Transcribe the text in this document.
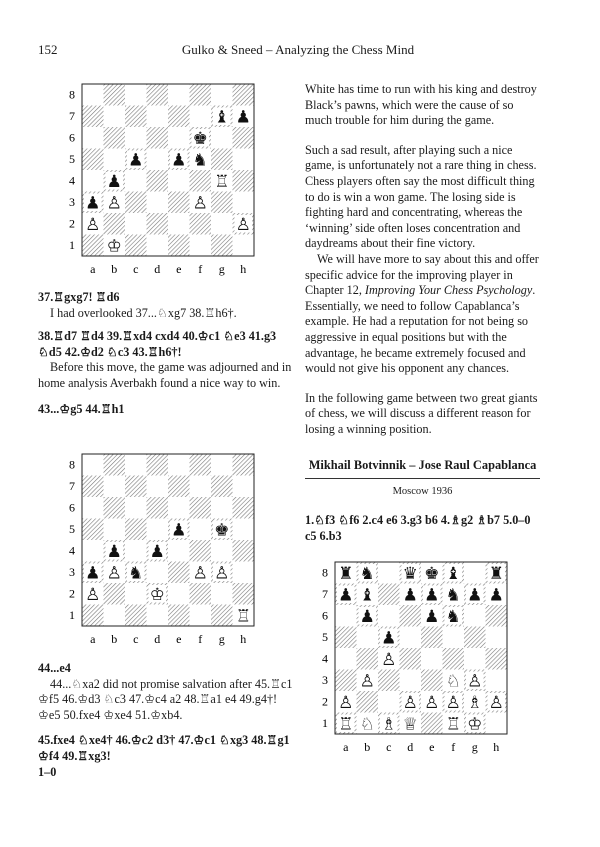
152	Gulko & Sneed – Analyzing the Chess Mind
8
7
6
5
4
3
2
1
a b c d e f g h
♝ ♟
♚
♟ ♟ ♞
♟	♖
♟ ♙	♙
♙	♙
♔

37.♖gxg7! ♖d6

I had overlooked 37...♘xg7 38.♖h6†.

38.♖d7 ♖d4 39.♖xd4 cxd4 40.♔c1 ♘e3 41.g3 ♘d5 42.♔d2 ♘c3 43.♖h6†!

Before this move, the game was adjourned and in home analysis Averbakh found a nice way to win.

43...♔g5 44.♖h1

8
7
6
5
4
3
2
1
a b c d e f g h
♟ ♚
♟ ♟
♟ ♙ ♞	♙ ♙
♙	♔
♖

44...e4

44...♘xa2 did not promise salvation after 45.♖c1 ♔f5 46.♔d3 ♘c3 47.♔c4 a2 48.♖a1 e4 49.g4†! ♔e5 50.fxe4 ♔xe4 51.♔xb4.

45.fxe4 ♘xe4† 46.♔c2 d3† 47.♔c1 ♘xg3 48.♖g1 ♔f4 49.♖xg3!

1–0

White has time to run with his king and destroy Black’s pawns, which were the cause of so much trouble for him during the game.

Such a sad result, after playing such a nice game, is unfortunately not a rare thing in chess. Chess players often say the most difficult thing to do is win a won game. The losing side is fighting hard and concentrating, whereas the ‘winning’ side often loses concentration and daydreams about their fine victory.

We will have more to say about this and offer specific advice for the improving player in Chapter 12, Improving Your Chess Psychology. Essentially, we need to follow Capablanca’s example. He had a reputation for not being so aggressive in equal positions but with the advantage, he became extremely focused and would not give his opponent any chances.

In the following game between two great giants of chess, we will discuss a different reason for losing a winning position.

Mikhail Botvinnik – Jose Raul Capablanca
Moscow 1936
1.♘f3 ♘f6 2.c4 e6 3.g3 b6 4.♗g2 ♗b7 5.0–0 c5 6.b3
8
7
6
5
4
3
2
1
a b c d e f g h
♜ ♞ ♛ ♚ ♝ ♜
♟ ♝ ♟ ♟ ♞ ♟ ♟
♟	♟ ♞
♟
♙
♙	♘ ♙
♙	♙ ♙ ♙ ♗ ♙
♖ ♘ ♗ ♕ ♖ ♔
